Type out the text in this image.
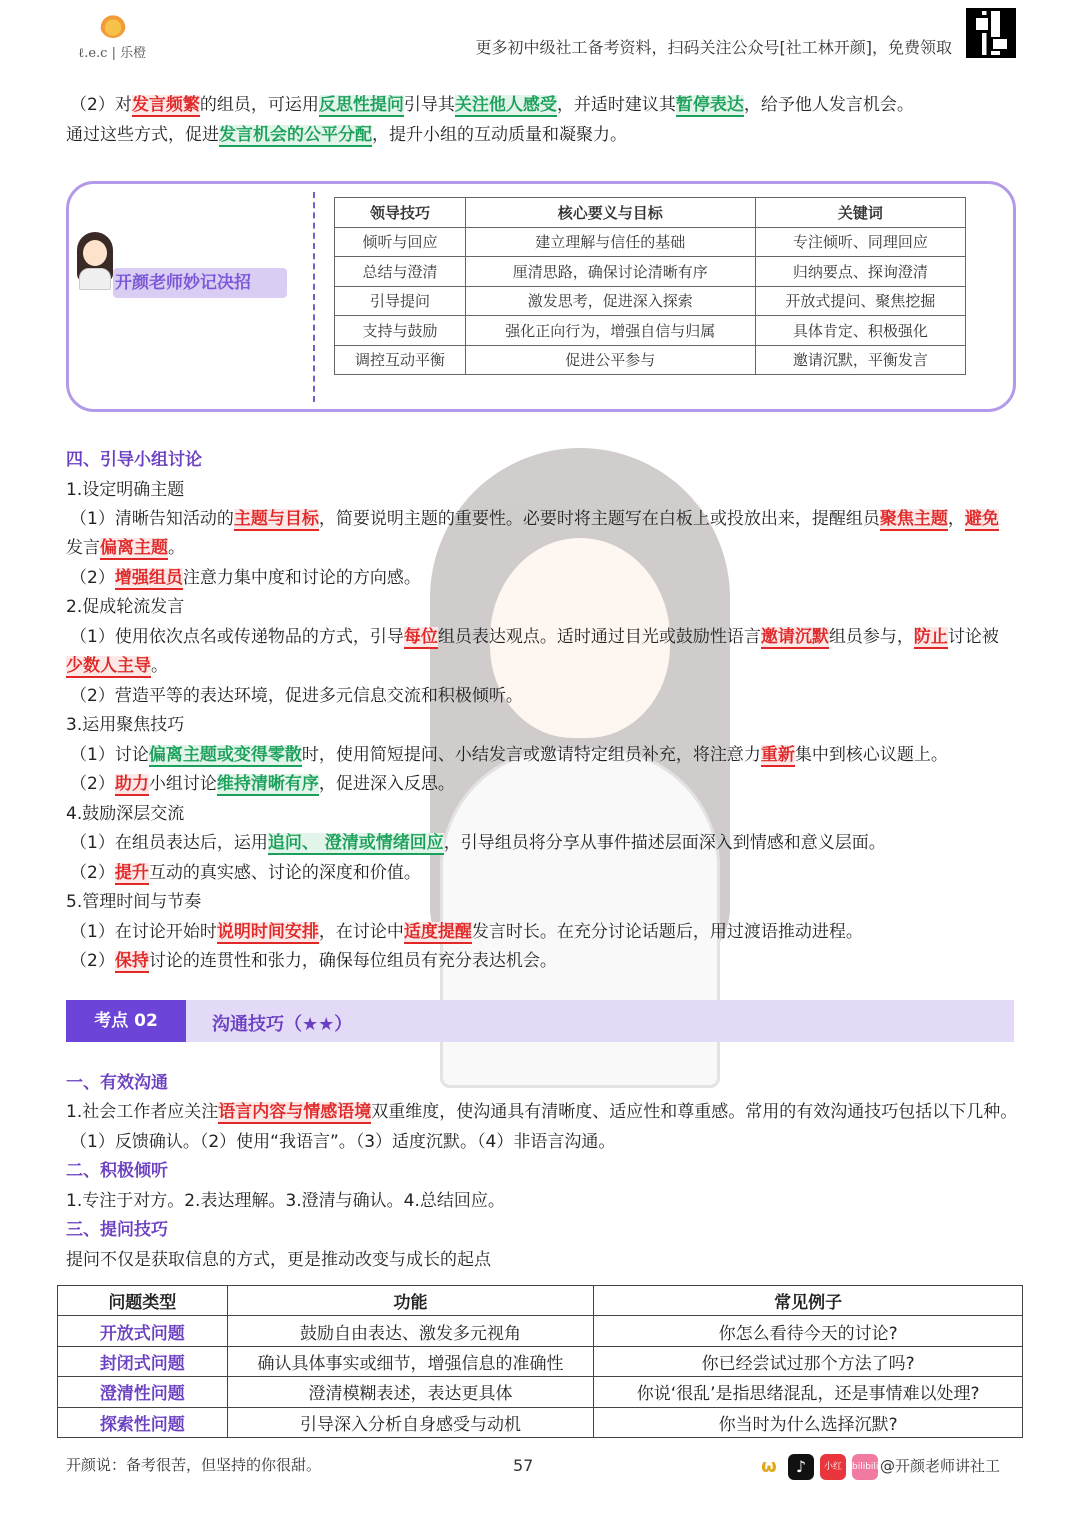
ℓ.e.c | 乐橙	更多初中级社工备考资料，扫码关注公众号[社工林开颜]，免费领取
（2）对发言频繁的组员，可运用反思性提问引导其关注他人感受，并适时建议其暂停表达，给予他人发言机会。
通过这些方式，促进发言机会的公平分配，提升小组的互动质量和凝聚力。
开颜老师妙记决招
领导技巧	核心要义与目标	关键词
倾听与回应	建立理解与信任的基础	专注倾听、同理回应
总结与澄清	厘清思路，确保讨论清晰有序	归纳要点、探询澄清
引导提问	激发思考，促进深入探索	开放式提问、聚焦挖掘
支持与鼓励	强化正向行为，增强自信与归属	具体肯定、积极强化
调控互动平衡	促进公平参与	邀请沉默，平衡发言
四、引导小组讨论
1.设定明确主题
（1）清晰告知活动的主题与目标，简要说明主题的重要性。必要时将主题写在白板上或投放出来，提醒组员聚焦主题，避免
发言偏离主题。
（2）增强组员注意力集中度和讨论的方向感。
2.促成轮流发言
（1）使用依次点名或传递物品的方式，引导每位组员表达观点。适时通过目光或鼓励性语言邀请沉默组员参与，防止讨论被
少数人主导。
（2）营造平等的表达环境，促进多元信息交流和积极倾听。
3.运用聚焦技巧
（1）讨论偏离主题或变得零散时，使用简短提问、小结发言或邀请特定组员补充，将注意力重新集中到核心议题上。
（2）助力小组讨论维持清晰有序，促进深入反思。
4.鼓励深层交流
（1）在组员表达后，运用追问、 澄清或情绪回应，引导组员将分享从事件描述层面深入到情感和意义层面。
（2）提升互动的真实感、讨论的深度和价值。
5.管理时间与节奏
（1）在讨论开始时说明时间安排，在讨论中适度提醒发言时长。在充分讨论话题后，用过渡语推动进程。
（2）保持讨论的连贯性和张力，确保每位组员有充分表达机会。
考点 02	沟通技巧（★★）
一、有效沟通
1.社会工作者应关注语言内容与情感语境双重维度，使沟通具有清晰度、适应性和尊重感。常用的有效沟通技巧包括以下几种。
（1）反馈确认。（2）使用“我语言”。（3）适度沉默。（4）非语言沟通。
二、积极倾听
1.专注于对方。2.表达理解。3.澄清与确认。4.总结回应。
三、提问技巧
提问不仅是获取信息的方式，更是推动改变与成长的起点
问题类型	功能	常见例子
开放式问题	鼓励自由表达、激发多元视角	你怎么看待今天的讨论?
封闭式问题	确认具体事实或细节，增强信息的准确性	你已经尝试过那个方法了吗?
澄清性问题	澄清模糊表述，表达更具体	你说‘很乱’是指思绪混乱，还是事情难以处理?
探索性问题	引导深入分析自身感受与动机	你当时为什么选择沉默?
开颜说：备考很苦，但坚持的你很甜。	57	ω	♪	小红书
bilibili @开颜老师讲社工
